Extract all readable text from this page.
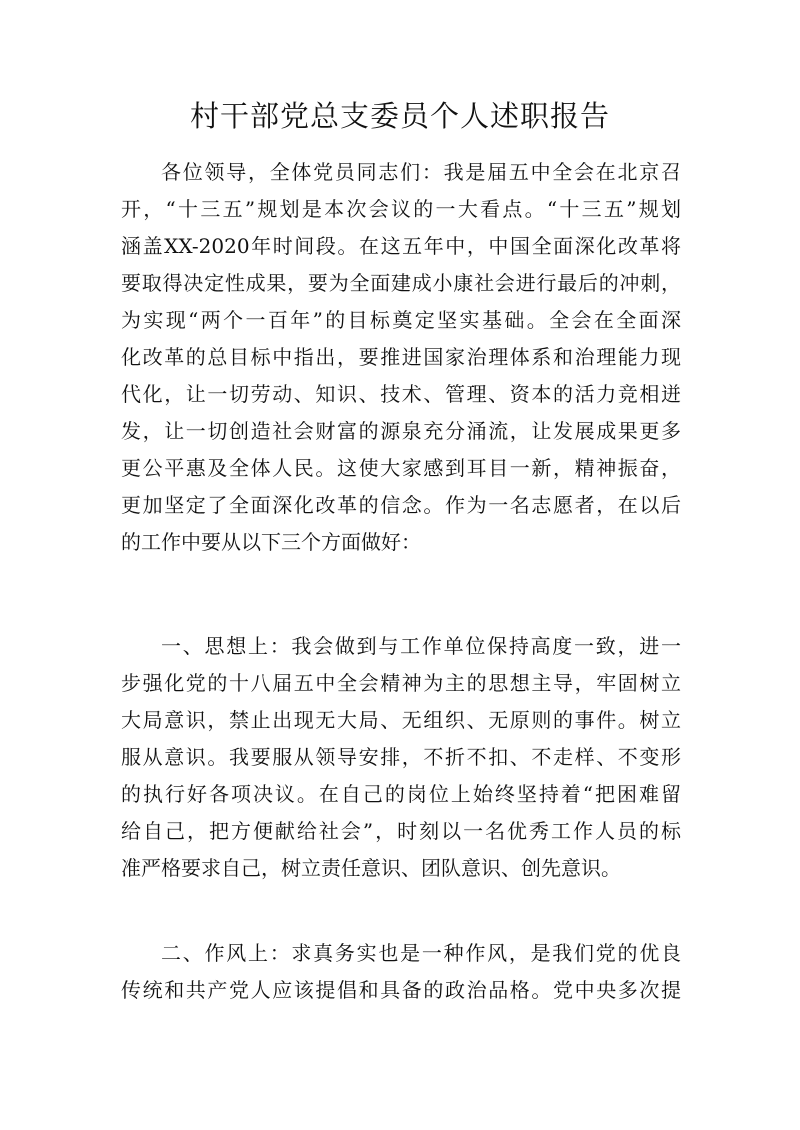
村干部党总支委员个人述职报告
各位领导，全体党员同志们：我是届五中全会在北京召
开，“十三五”规划是本次会议的一大看点。“十三五”规划
涵盖XX-2020年时间段。在这五年中，中国全面深化改革将
要取得决定性成果，要为全面建成小康社会进行最后的冲刺，
为实现“两个一百年”的目标奠定坚实基础。全会在全面深
化改革的总目标中指出，要推进国家治理体系和治理能力现
代化，让一切劳动、知识、技术、管理、资本的活力竞相迸
发，让一切创造社会财富的源泉充分涌流，让发展成果更多
更公平惠及全体人民。这使大家感到耳目一新，精神振奋，
更加坚定了全面深化改革的信念。作为一名志愿者，在以后
的工作中要从以下三个方面做好：
一、思想上：我会做到与工作单位保持高度一致，进一
步强化党的十八届五中全会精神为主的思想主导，牢固树立
大局意识，禁止出现无大局、无组织、无原则的事件。树立
服从意识。我要服从领导安排，不折不扣、不走样、不变形
的执行好各项决议。在自己的岗位上始终坚持着“把困难留
给自己，把方便献给社会”，时刻以一名优秀工作人员的标
准严格要求自己，树立责任意识、团队意识、创先意识。
二、作风上：求真务实也是一种作风，是我们党的优良
传统和共产党人应该提倡和具备的政治品格。党中央多次提
